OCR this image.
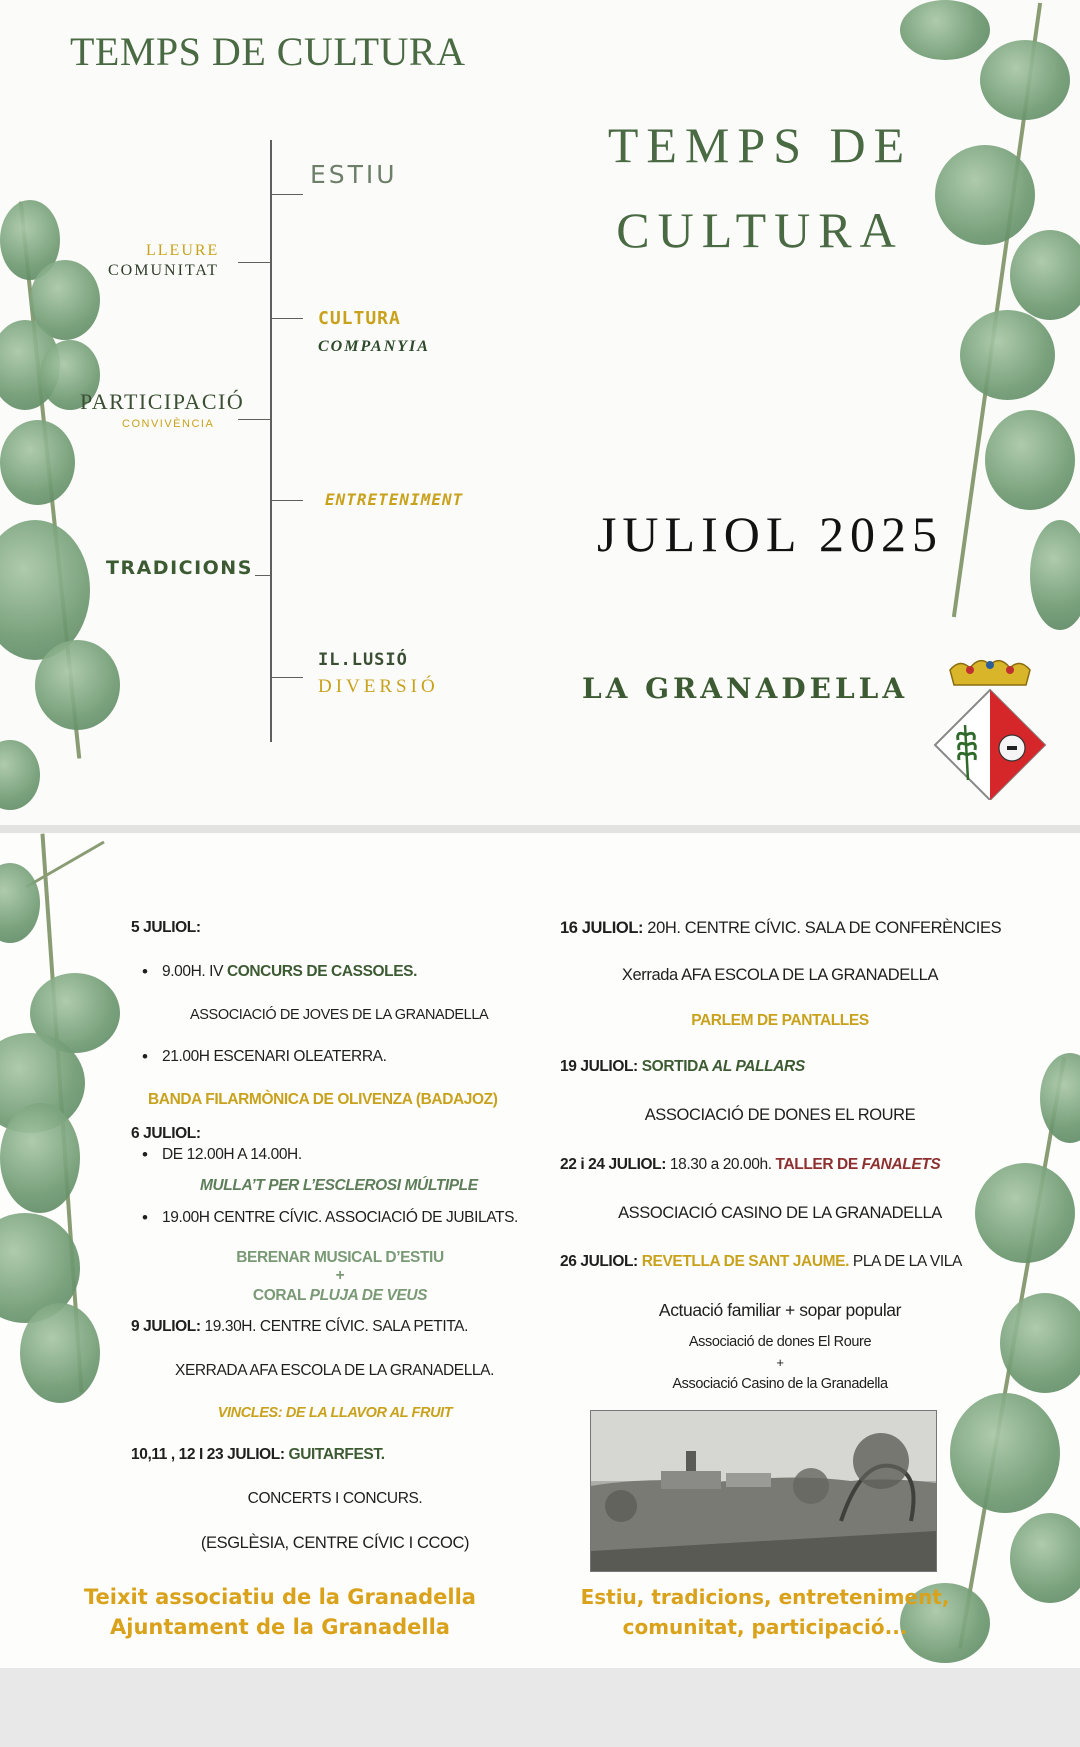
TEMPS DE CULTURA
ESTIU
LLEURE
COMUNITAT
CULTURA
COMPANYIA
PARTICIPACIÓ
CONVIVÈNCIA
ENTRETENIMENT
TRADICIONS
IL.LUSIÓ
DIVERSIÓ
TEMPS DE
CULTURA
JULIOL 2025
LA GRANADELLA
5 JULIOL:
• 9.00H. IV CONCURS DE CASSOLES.
ASSOCIACIÓ DE JOVES DE LA GRANADELLA
• 21.00H ESCENARI OLEATERRA.
BANDA FILARMÒNICA DE OLIVENZA (BADAJOZ)
6 JULIOL:
• DE 12.00H A 14.00H.
MULLA’T PER L’ESCLEROSI MÚLTIPLE
• 19.00H CENTRE CÍVIC. ASSOCIACIÓ DE JUBILATS.
BERENAR MUSICAL D’ESTIU
+
CORAL PLUJA DE VEUS
9 JULIOL: 19.30H. CENTRE CÍVIC. SALA PETITA.
XERRADA AFA ESCOLA DE LA GRANADELLA.
VINCLES: DE LA LLAVOR AL FRUIT
10,11 , 12 I 23 JULIOL: GUITARFEST.
CONCERTS I CONCURS.
(ESGLÈSIA, CENTRE CÍVIC I CCOC)
Teixit associatiu de la Granadella
Ajuntament de la Granadella
16 JULIOL: 20H. CENTRE CÍVIC. SALA DE CONFERÈNCIES
Xerrada AFA ESCOLA DE LA GRANADELLA
PARLEM DE PANTALLES
19 JULIOL: SORTIDA AL PALLARS
ASSOCIACIÓ DE DONES EL ROURE
22 i 24 JULIOL: 18.30 a 20.00h. TALLER DE FANALETS
ASSOCIACIÓ CASINO DE LA GRANADELLA
26 JULIOL: REVETLLA DE SANT JAUME. PLA DE LA VILA
Actuació familiar + sopar popular
Associació de dones El Roure
+
Associació Casino de la Granadella
Estiu, tradicions, entreteniment,
comunitat, participació...
